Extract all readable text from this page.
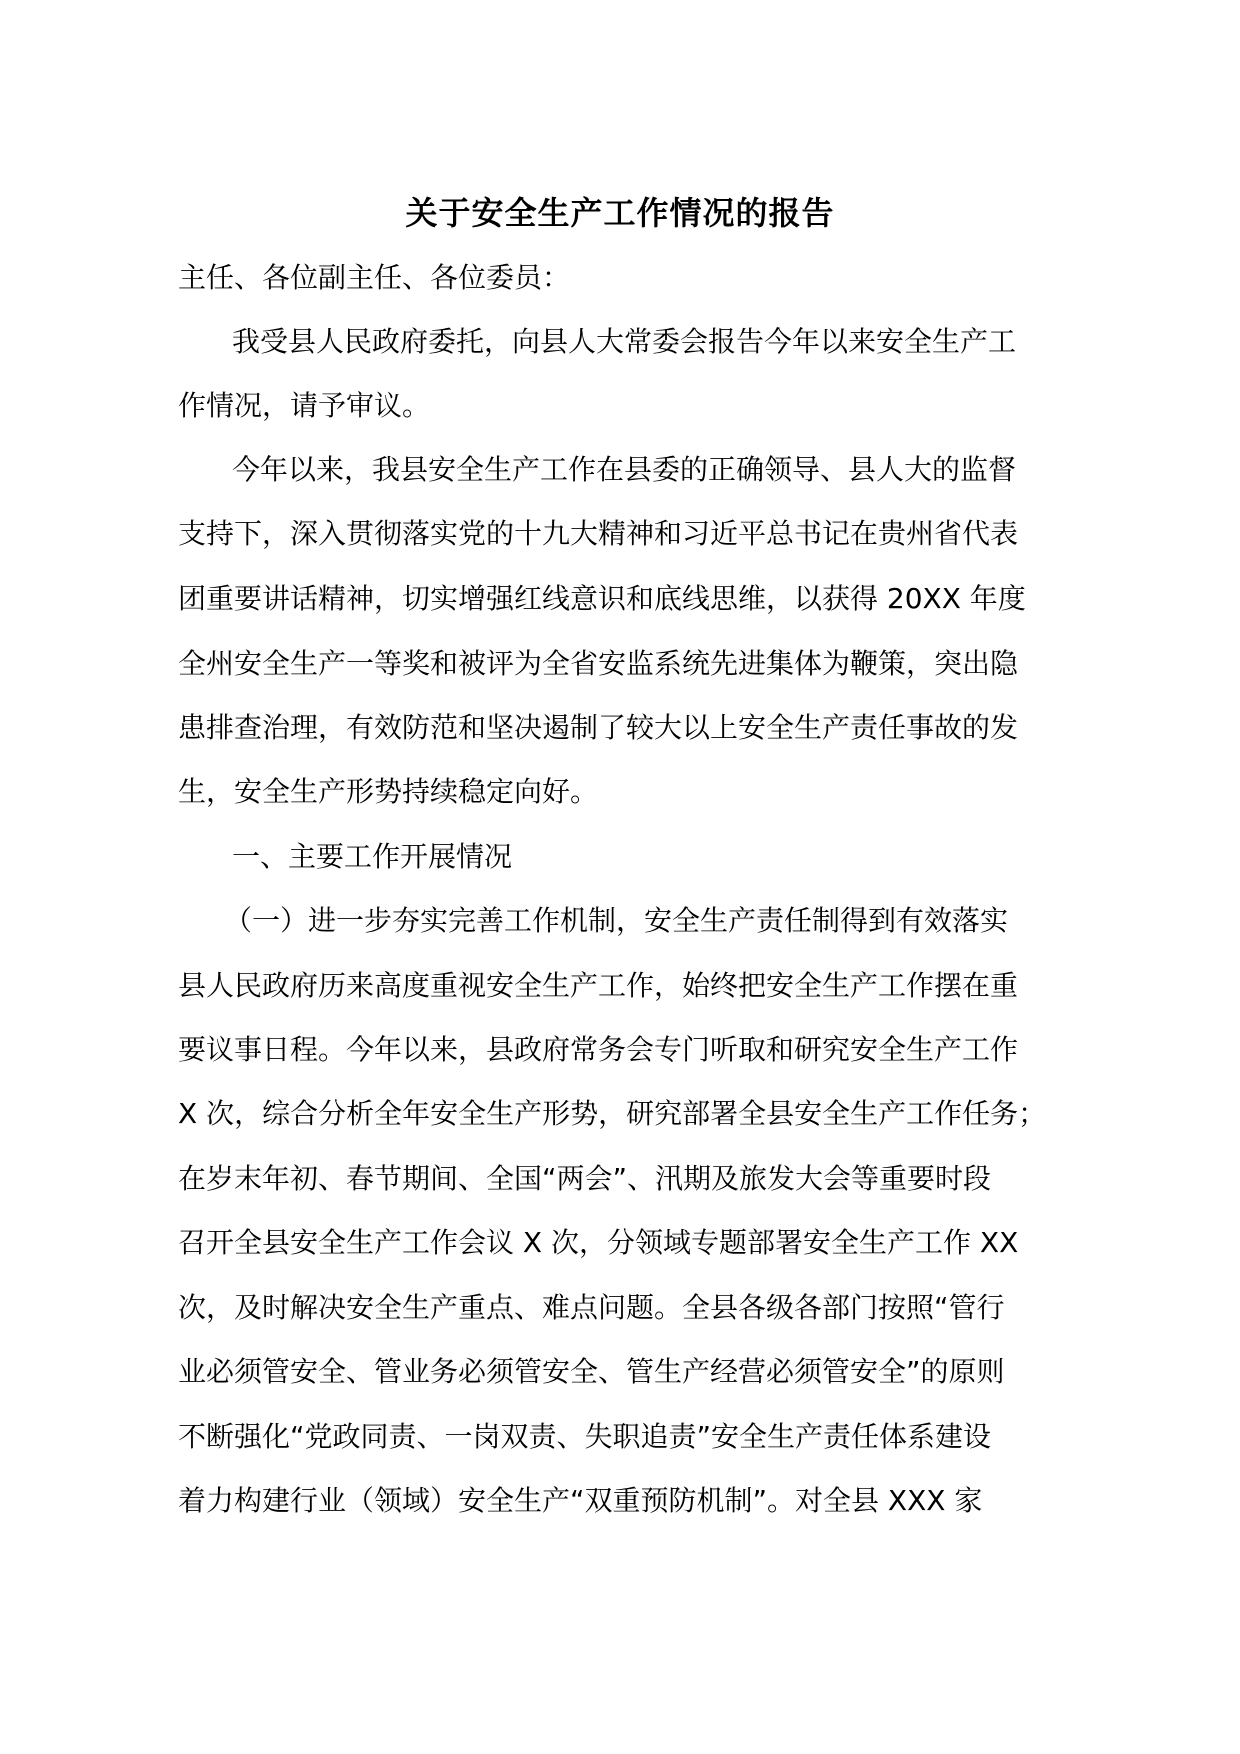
关于安全生产工作情况的报告

主任、各位副主任、各位委员：

我受县人民政府委托，向县人大常委会报告今年以来安全生产工

作情况，请予审议。

今年以来，我县安全生产工作在县委的正确领导、县人大的监督

支持下，深入贯彻落实党的十九大精神和习近平总书记在贵州省代表

团重要讲话精神，切实增强红线意识和底线思维，以获得 20XX 年度

全州安全生产一等奖和被评为全省安监系统先进集体为鞭策，突出隐

患排查治理，有效防范和坚决遏制了较大以上安全生产责任事故的发

生，安全生产形势持续稳定向好。

一、主要工作开展情况

（一）进一步夯实完善工作机制，安全生产责任制得到有效落实

县人民政府历来高度重视安全生产工作，始终把安全生产工作摆在重

要议事日程。今年以来，县政府常务会专门听取和研究安全生产工作

X 次，综合分析全年安全生产形势，研究部署全县安全生产工作任务；

在岁末年初、春节期间、全国“两会”、汛期及旅发大会等重要时段

召开全县安全生产工作会议 X 次，分领域专题部署安全生产工作 XX

次，及时解决安全生产重点、难点问题。全县各级各部门按照“管行

业必须管安全、管业务必须管安全、管生产经营必须管安全”的原则

不断强化“党政同责、一岗双责、失职追责”安全生产责任体系建设

着力构建行业（领域）安全生产“双重预防机制”。对全县 XXX 家
